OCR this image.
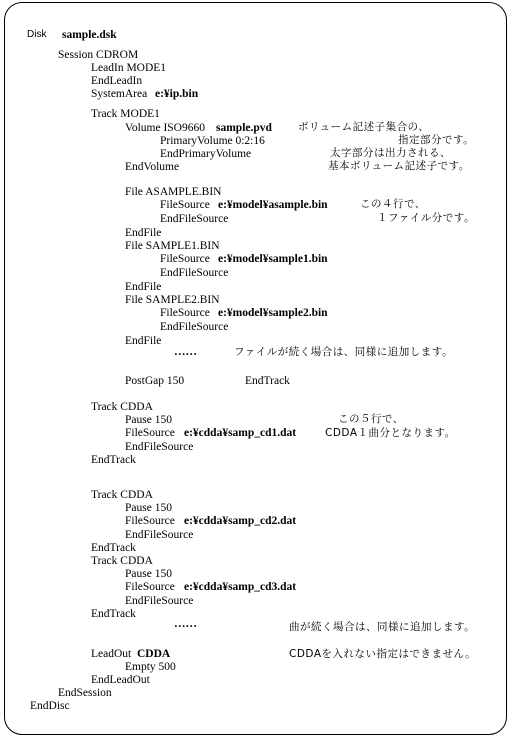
Disk sample.dsk
Session CDROM
LeadIn MODE1
EndLeadIn
SystemArea e:¥ip.bin
Track MODE1
Volume ISO9660 sample.pvd
PrimaryVolume 0:2:16
EndPrimaryVolume
EndVolume
ボリューム記述子集合の、
指定部分です。
太字部分は出力される、
基本ボリューム記述子です。
File ASAMPLE.BIN
FileSource e:¥model¥asample.bin
EndFileSource
EndFile
この４行で、
１ファイル分です。
File SAMPLE1.BIN
FileSource e:¥model¥sample1.bin
EndFileSource
EndFile
File SAMPLE2.BIN
FileSource e:¥model¥sample2.bin
EndFileSource
EndFile
……	ファイルが続く場合は、同様に追加します。
PostGap 150	EndTrack
Track CDDA
Pause 150
FileSource e:¥cdda¥samp_cd1.dat
EndFileSource
EndTrack
この５行で、
CDDA１曲分となります。
Track CDDA
Pause 150
FileSource e:¥cdda¥samp_cd2.dat
EndFileSource
EndTrack
Track CDDA
Pause 150
FileSource e:¥cdda¥samp_cd3.dat
EndFileSource
EndTrack
……	曲が続く場合は、同様に追加します。
LeadOut CDDA	CDDAを入れない指定はできません。
Empty 500
EndLeadOut
EndSession
EndDisc
